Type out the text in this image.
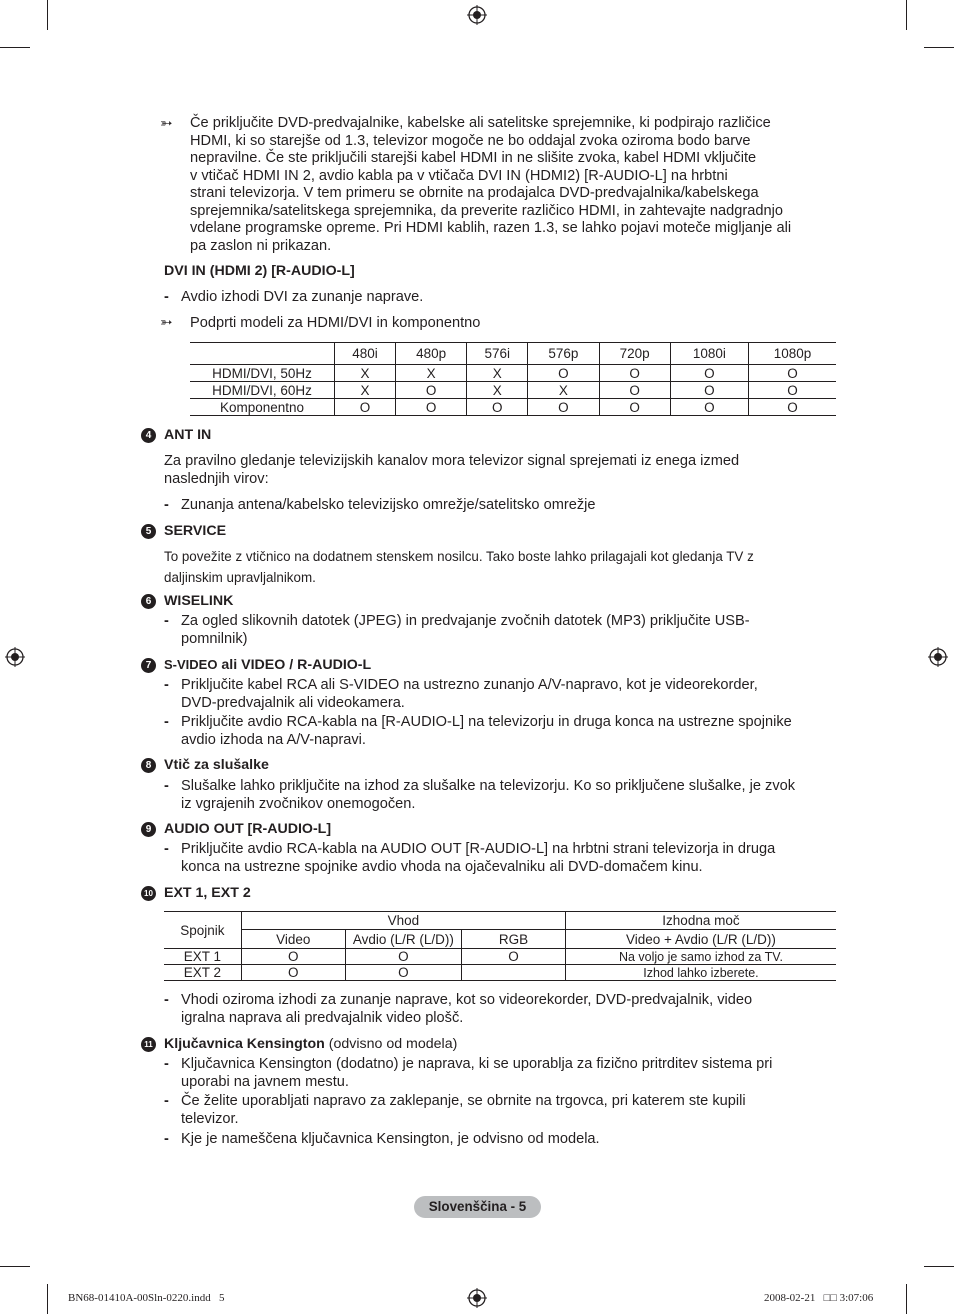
➳ Če priključite DVD-predvajalnike, kabelske ali satelitske sprejemnike, ki podpirajo različice
HDMI, ki so starejše od 1.3, televizor mogoče ne bo oddajal zvoka oziroma bodo barve
nepravilne. Če ste priključili starejši kabel HDMI in ne slišite zvoka, kabel HDMI vključite
v vtičač HDMI IN 2, avdio kabla pa v vtičača DVI IN (HDMI2) [R-AUDIO-L] na hrbtni
strani televizorja. V tem primeru se obrnite na prodajalca DVD-predvajalnika/kabelskega
sprejemnika/satelitskega sprejemnika, da preverite različico HDMI, in zahtevajte nadgradnjo
vdelane programske opreme. Pri HDMI kablih, razen 1.3, se lahko pojavi moteče migljanje ali
pa zaslon ni prikazan.
DVI IN (HDMI 2) [R-AUDIO-L]
- Avdio izhodi DVI za zunanje naprave.
➳ Podprti modeli za HDMI/DVI in komponentno
	480i	480p	576i	576p	720p	1080i	1080p
HDMI/DVI, 50Hz	X	X	X	O	O	O	O
HDMI/DVI, 60Hz	X	O	X	X	O	O	O
Komponentno	O	O	O	O	O	O	O
4 ANT IN
Za pravilno gledanje televizijskih kanalov mora televizor signal sprejemati iz enega izmed
naslednjih virov:
- Zunanja antena/kabelsko televizijsko omrežje/satelitsko omrežje
5 SERVICE
To povežite z vtičnico na dodatnem stenskem nosilcu. Tako boste lahko prilagajali kot gledanja TV z
daljinskim upravljalnikom.
6 WISELINK
- Za ogled slikovnih datotek (JPEG) in predvajanje zvočnih datotek (MP3) priključite USB-
pomnilnik)
7 S-VIDEO ali VIDEO / R-AUDIO-L
- Priključite kabel RCA ali S-VIDEO na ustrezno zunanjo A/V-napravo, kot je videorekorder,
DVD-predvajalnik ali videokamera.
- Priključite avdio RCA-kabla na [R-AUDIO-L] na televizorju in druga konca na ustrezne spojnike
avdio izhoda na A/V-napravi.
8 Vtič za slušalke
- Slušalke lahko priključite na izhod za slušalke na televizorju. Ko so priključene slušalke, je zvok
iz vgrajenih zvočnikov onemogočen.
9 AUDIO OUT [R-AUDIO-L]
- Priključite avdio RCA-kabla na AUDIO OUT [R-AUDIO-L] na hrbtni strani televizorja in druga
konca na ustrezne spojnike avdio vhoda na ojačevalniku ali DVD-domačem kinu.
10 EXT 1, EXT 2
Spojnik	Vhod			Izhodna moč
	Video	Avdio (L/R (L/D))	RGB	Video + Avdio (L/R (L/D))
EXT 1	O	O	O	Na voljo je samo izhod za TV.
EXT 2	O	O		Izhod lahko izberete.
- Vhodi oziroma izhodi za zunanje naprave, kot so videorekorder, DVD-predvajalnik, video
igralna naprava ali predvajalnik video plošč.
11 Ključavnica Kensington (odvisno od modela)
- Ključavnica Kensington (dodatno) je naprava, ki se uporablja za fizično pritrditev sistema pri
uporabi na javnem mestu.
- Če želite uporabljati napravo za zaklepanje, se obrnite na trgovca, pri katerem ste kupili
televizor.
- Kje je nameščena ključavnica Kensington, je odvisno od modela.
Slovenščina - 5
BN68-01410A-00Sln-0220.indd   5	2008-02-21   □□ 3:07:06
